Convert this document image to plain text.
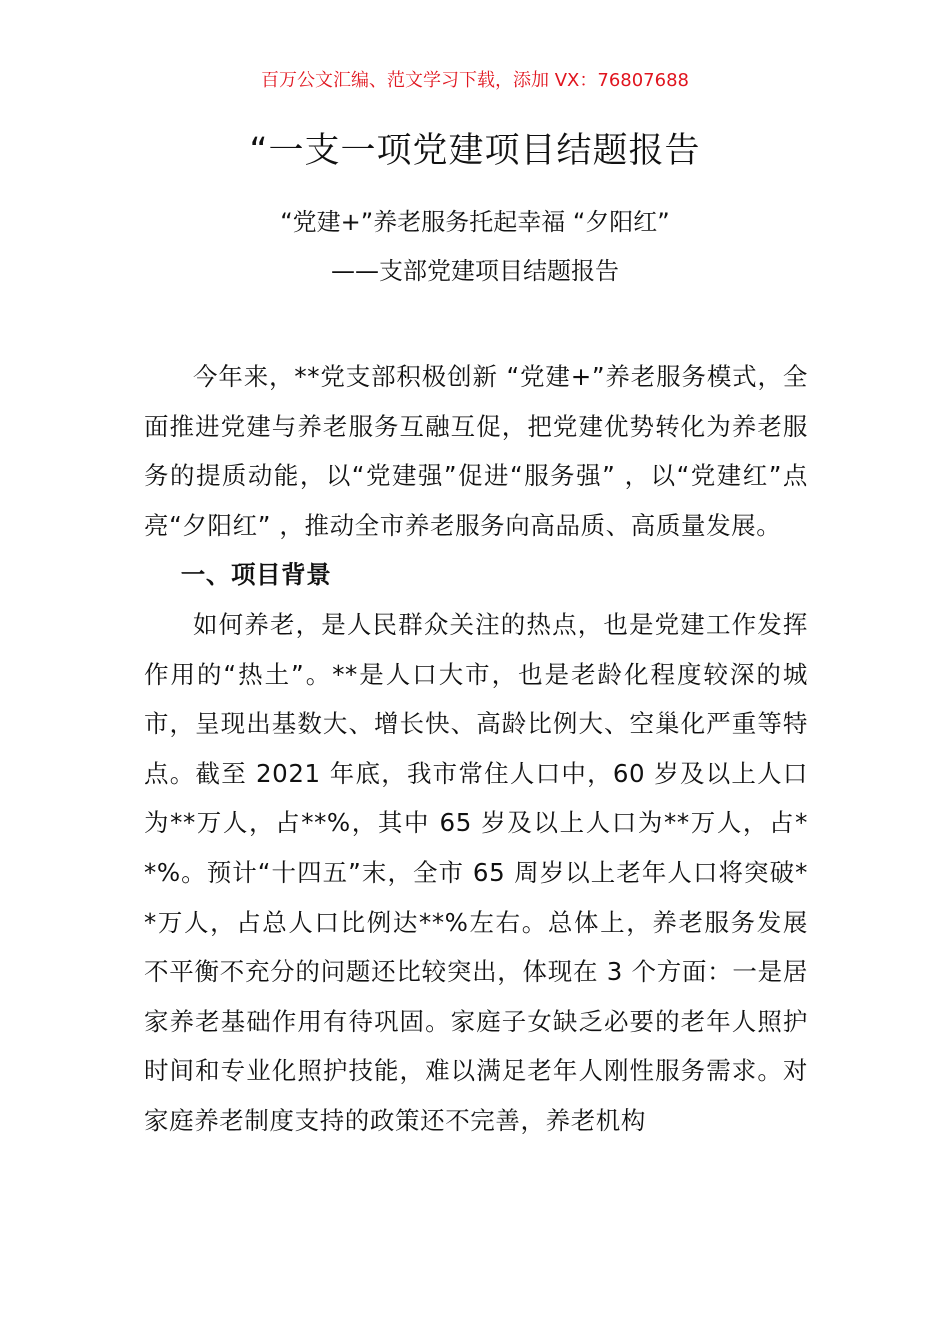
百万公文汇编、范文学习下载，添加 VX：76807688
“一支一项党建项目结题报告
“党建+”养老服务托起幸福 “夕阳红”
——支部党建项目结题报告

今年来，**党支部积极创新 “党建+”养老服务模式，全面推进党建与养老服务互融互促，把党建优势转化为养老服务的提质动能，以“党建强”促进“服务强” ，以“党建红”点亮“夕阳红” ，推动全市养老服务向高品质、高质量发展。

一、项目背景

如何养老，是人民群众关注的热点，也是党建工作发挥作用的“热土”。**是人口大市，也是老龄化程度较深的城市，呈现出基数大、增长快、高龄比例大、空巢化严重等特点。截至 2021 年底，我市常住人口中，60 岁及以上人口为**万人，占**%，其中 65 岁及以上人口为**万人，占**%。预计“十四五”末，全市 65 周岁以上老年人口将突破**万人，占总人口比例达**%左右。总体上，养老服务发展不平衡不充分的问题还比较突出，体现在 3 个方面：一是居家养老基础作用有待巩固。家庭子女缺乏必要的老年人照护时间和专业化照护技能，难以满足老年人刚性服务需求。对家庭养老制度支持的政策还不完善，养老机构
